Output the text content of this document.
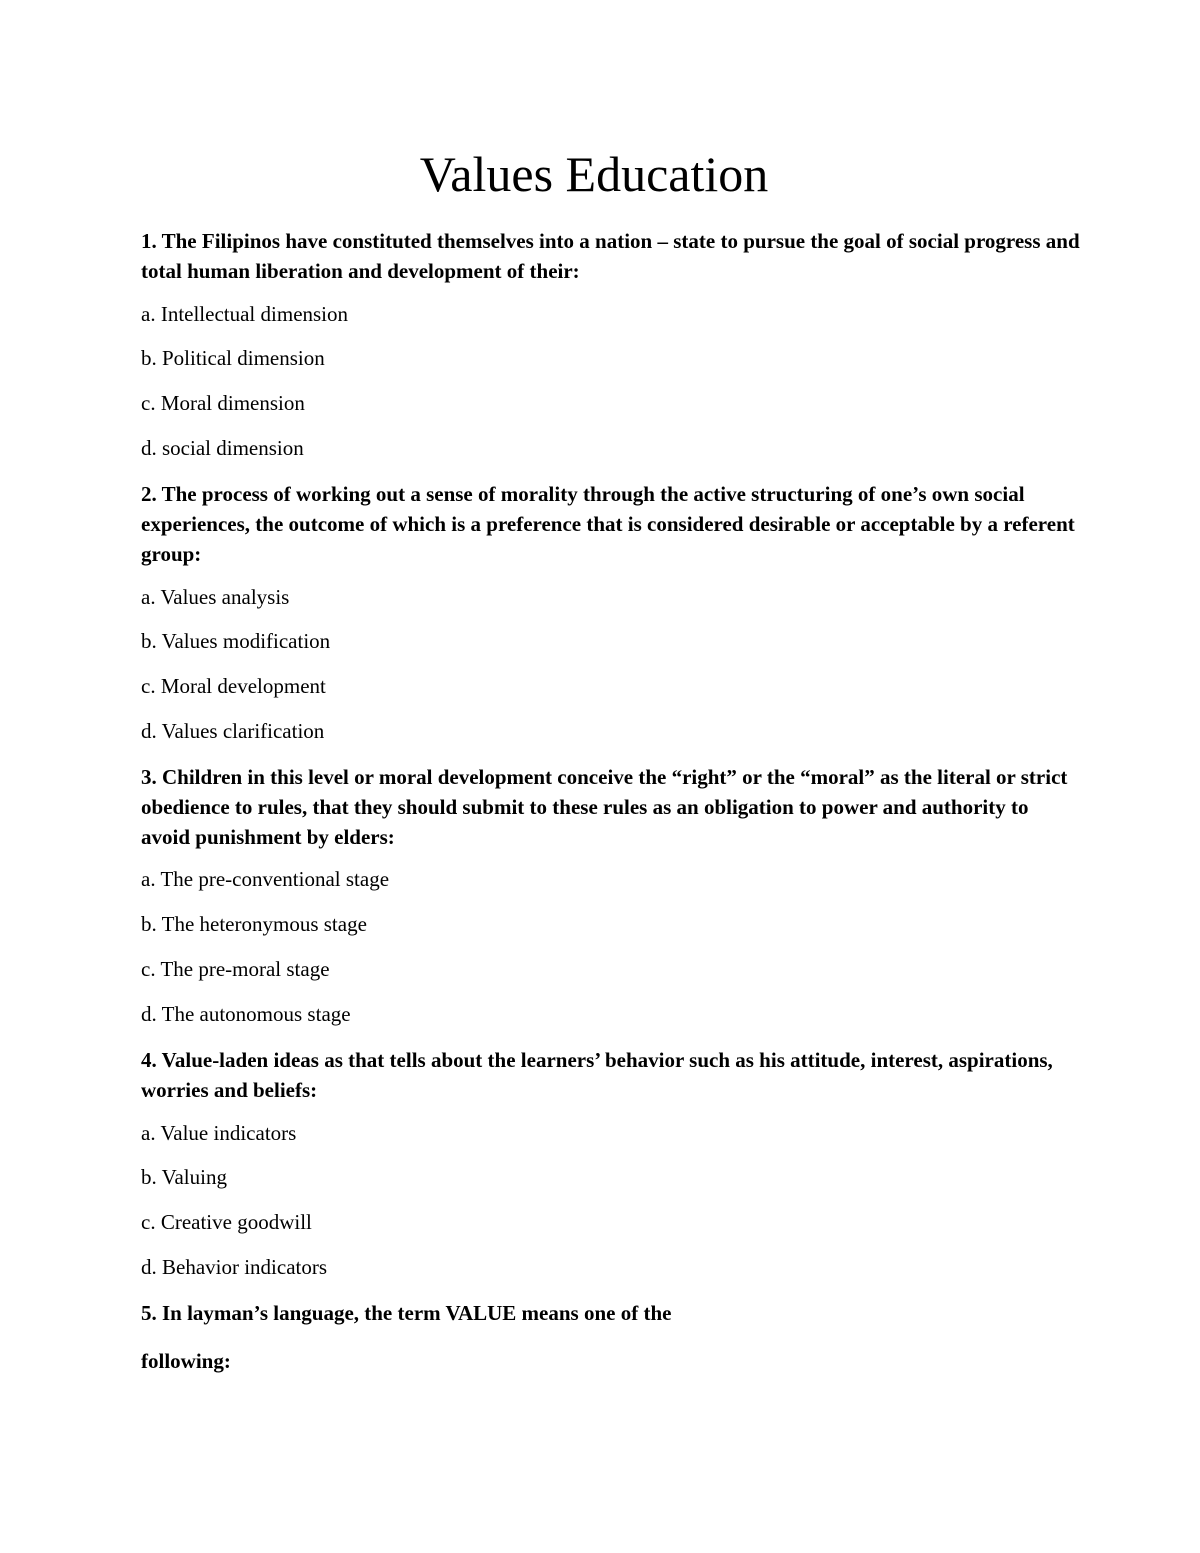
Values Education

1. The Filipinos have constituted themselves into a nation – state to pursue the goal of social progress and total human liberation and development of their:

a. Intellectual dimension

b. Political dimension

c. Moral dimension

d. social dimension

2. The process of working out a sense of morality through the active structuring of one’s own social experiences, the outcome of which is a preference that is considered desirable or acceptable by a referent group:

a. Values analysis

b. Values modification

c. Moral development

d. Values clarification

3. Children in this level or moral development conceive the “right” or the “moral” as the literal or strict obedience to rules, that they should submit to these rules as an obligation to power and authority to avoid punishment by elders:

a. The pre-conventional stage

b. The heteronymous stage

c. The pre-moral stage

d. The autonomous stage

4. Value-laden ideas as that tells about the learners’ behavior such as his attitude, interest, aspirations, worries and beliefs:

a. Value indicators

b. Valuing

c. Creative goodwill

d. Behavior indicators

5. In layman’s language, the term VALUE means one of the

following:
